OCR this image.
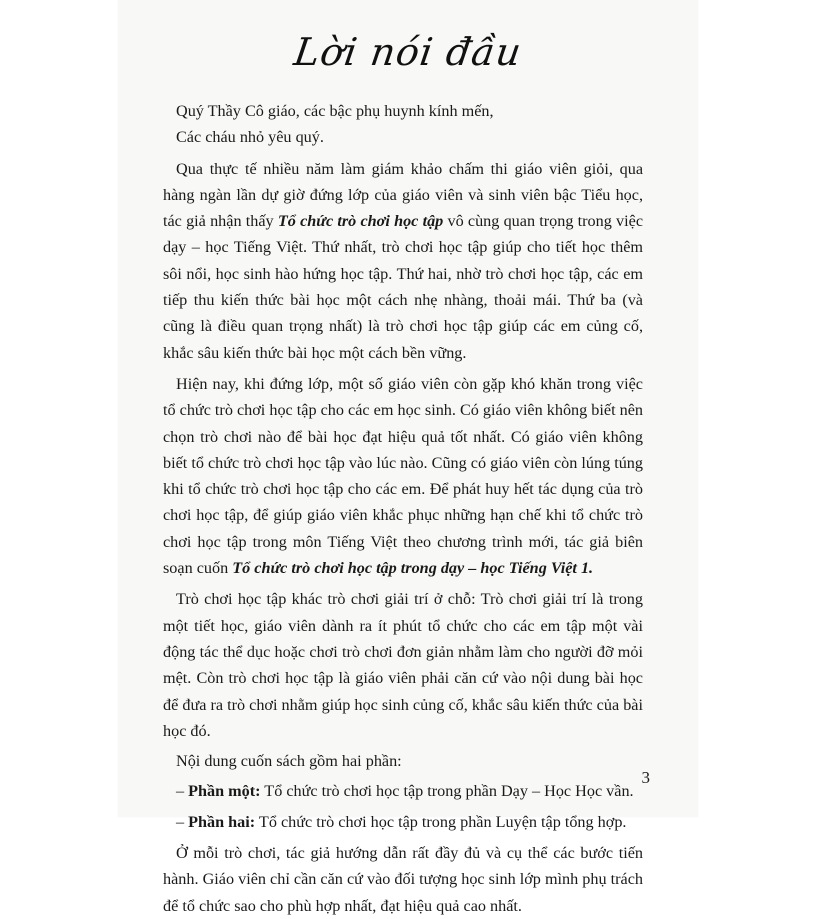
Lời nói đầu

Quý Thầy Cô giáo, các bậc phụ huynh kính mến,

Các cháu nhỏ yêu quý.

Qua thực tế nhiều năm làm giám khảo chấm thi giáo viên giỏi, qua hàng ngàn lần dự giờ đứng lớp của giáo viên và sinh viên bậc Tiểu học, tác giả nhận thấy Tổ chức trò chơi học tập vô cùng quan trọng trong việc dạy – học Tiếng Việt. Thứ nhất, trò chơi học tập giúp cho tiết học thêm sôi nổi, học sinh hào hứng học tập. Thứ hai, nhờ trò chơi học tập, các em tiếp thu kiến thức bài học một cách nhẹ nhàng, thoải mái. Thứ ba (và cũng là điều quan trọng nhất) là trò chơi học tập giúp các em củng cố, khắc sâu kiến thức bài học một cách bền vững.

Hiện nay, khi đứng lớp, một số giáo viên còn gặp khó khăn trong việc tổ chức trò chơi học tập cho các em học sinh. Có giáo viên không biết nên chọn trò chơi nào để bài học đạt hiệu quả tốt nhất. Có giáo viên không biết tổ chức trò chơi học tập vào lúc nào. Cũng có giáo viên còn lúng túng khi tổ chức trò chơi học tập cho các em. Để phát huy hết tác dụng của trò chơi học tập, để giúp giáo viên khắc phục những hạn chế khi tổ chức trò chơi học tập trong môn Tiếng Việt theo chương trình mới, tác giả biên soạn cuốn Tổ chức trò chơi học tập trong dạy – học Tiếng Việt 1.

Trò chơi học tập khác trò chơi giải trí ở chỗ: Trò chơi giải trí là trong một tiết học, giáo viên dành ra ít phút tổ chức cho các em tập một vài động tác thể dục hoặc chơi trò chơi đơn giản nhằm làm cho người đỡ mỏi mệt. Còn trò chơi học tập là giáo viên phải căn cứ vào nội dung bài học để đưa ra trò chơi nhằm giúp học sinh củng cố, khắc sâu kiến thức của bài học đó.

Nội dung cuốn sách gồm hai phần:

– Phần một: Tổ chức trò chơi học tập trong phần Dạy – Học Học vần.

– Phần hai: Tổ chức trò chơi học tập trong phần Luyện tập tổng hợp.

Ở mỗi trò chơi, tác giả hướng dẫn rất đầy đủ và cụ thể các bước tiến hành. Giáo viên chỉ cần căn cứ vào đối tượng học sinh lớp mình phụ trách để tổ chức sao cho phù hợp nhất, đạt hiệu quả cao nhất.

3
